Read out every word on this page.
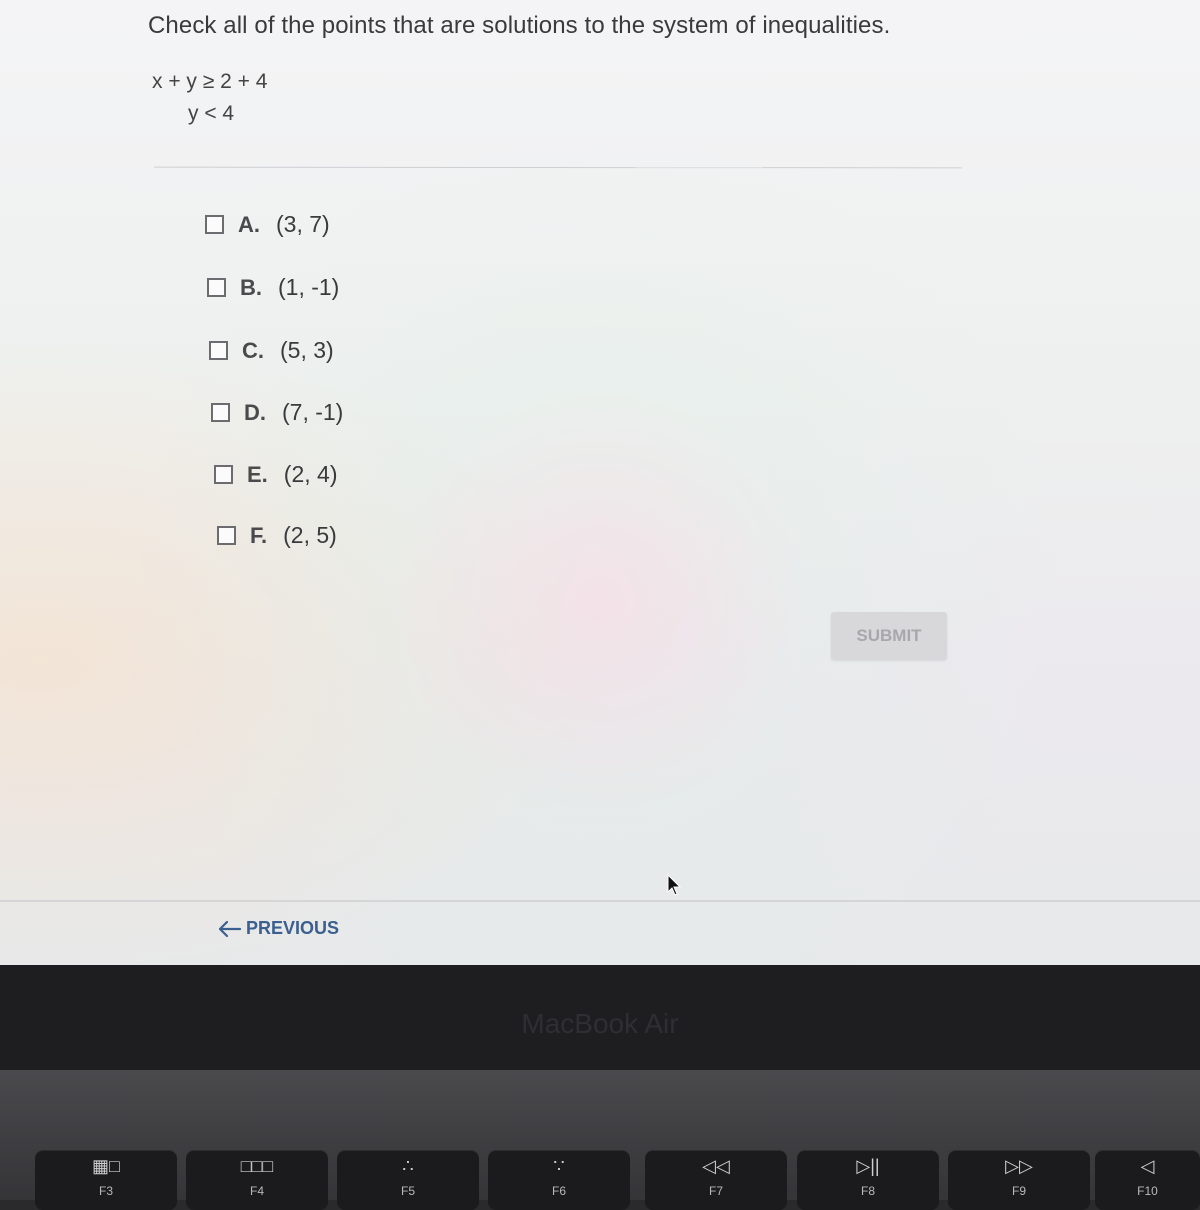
Check all of the points that are solutions to the system of inequalities.
x + y ≥ 2 + 4
y < 4
A. (3, 7)
B. (1, -1)
C. (5, 3)
D. (7, -1)
E. (2, 4)
F. (2, 5)
SUBMIT
PREVIOUS
MacBook Air
▦□
F3
□□□
F4
∴
F5
∵
F6
◁◁
F7
▷||
F8
▷▷
F9
◁
F10
